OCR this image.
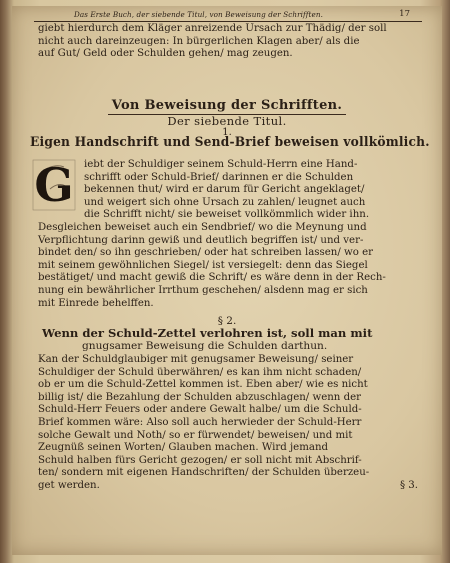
Das Erste Buch, der siebende Titul, von Beweisung der Schrifften.	17
giebt hierdurch dem Kläger anreizende Ursach zur Thädig/ der soll
nicht auch dareinzeugen: In bürgerlichen Klagen aber/ als die
auf Gut/ Geld oder Schulden gehen/ mag zeugen.
Von Beweisung der Schrifften.
Der siebende Titul.
1.
Eigen Handschrift und Send-Brief beweisen vollkömlich.
G	iebt der Schuldiger seinem Schuld-Herrn eine Hand-
schrifft oder Schuld-Brief/ darinnen er die Schulden
bekennen thut/ wird er darum für Gericht angeklaget/
und weigert sich ohne Ursach zu zahlen/ leugnet auch
die Schrifft nicht/ sie beweiset vollkömmlich wider ihn.
Desgleichen beweiset auch ein Sendbrief/ wo die Meynung und
Verpflichtung darinn gewiß und deutlich begriffen ist/ und ver-
bindet den/ so ihn geschrieben/ oder hat schreiben lassen/ wo er
mit seinem gewöhnlichen Siegel/ ist versiegelt: denn das Siegel
bestätiget/ und macht gewiß die Schrift/ es wäre denn in der Rech-
nung ein bewährlicher Irrthum geschehen/ alsdenn mag er sich
mit Einrede behelffen.
§ 2.
Wenn der Schuld-Zettel verlohren ist, soll man mit
gnugsamer Beweisung die Schulden darthun.
Kan der Schuldglaubiger mit genugsamer Beweisung/ seiner
Schuldiger der Schuld überwähren/ es kan ihm nicht schaden/
ob er um die Schuld-Zettel kommen ist. Eben aber/ wie es nicht
billig ist/ die Bezahlung der Schulden abzuschlagen/ wenn der
Schuld-Herr Feuers oder andere Gewalt halbe/ um die Schuld-
Brief kommen wäre: Also soll auch herwieder der Schuld-Herr
solche Gewalt und Noth/ so er fürwendet/ beweisen/ und mit
Zeugnüß seinen Worten/ Glauben machen. Wird jemand
Schuld halben fürs Gericht gezogen/ er soll nicht mit Abschrif-
ten/ sondern mit eigenen Handschriften/ der Schulden überzeu-
get werden.	§ 3.
